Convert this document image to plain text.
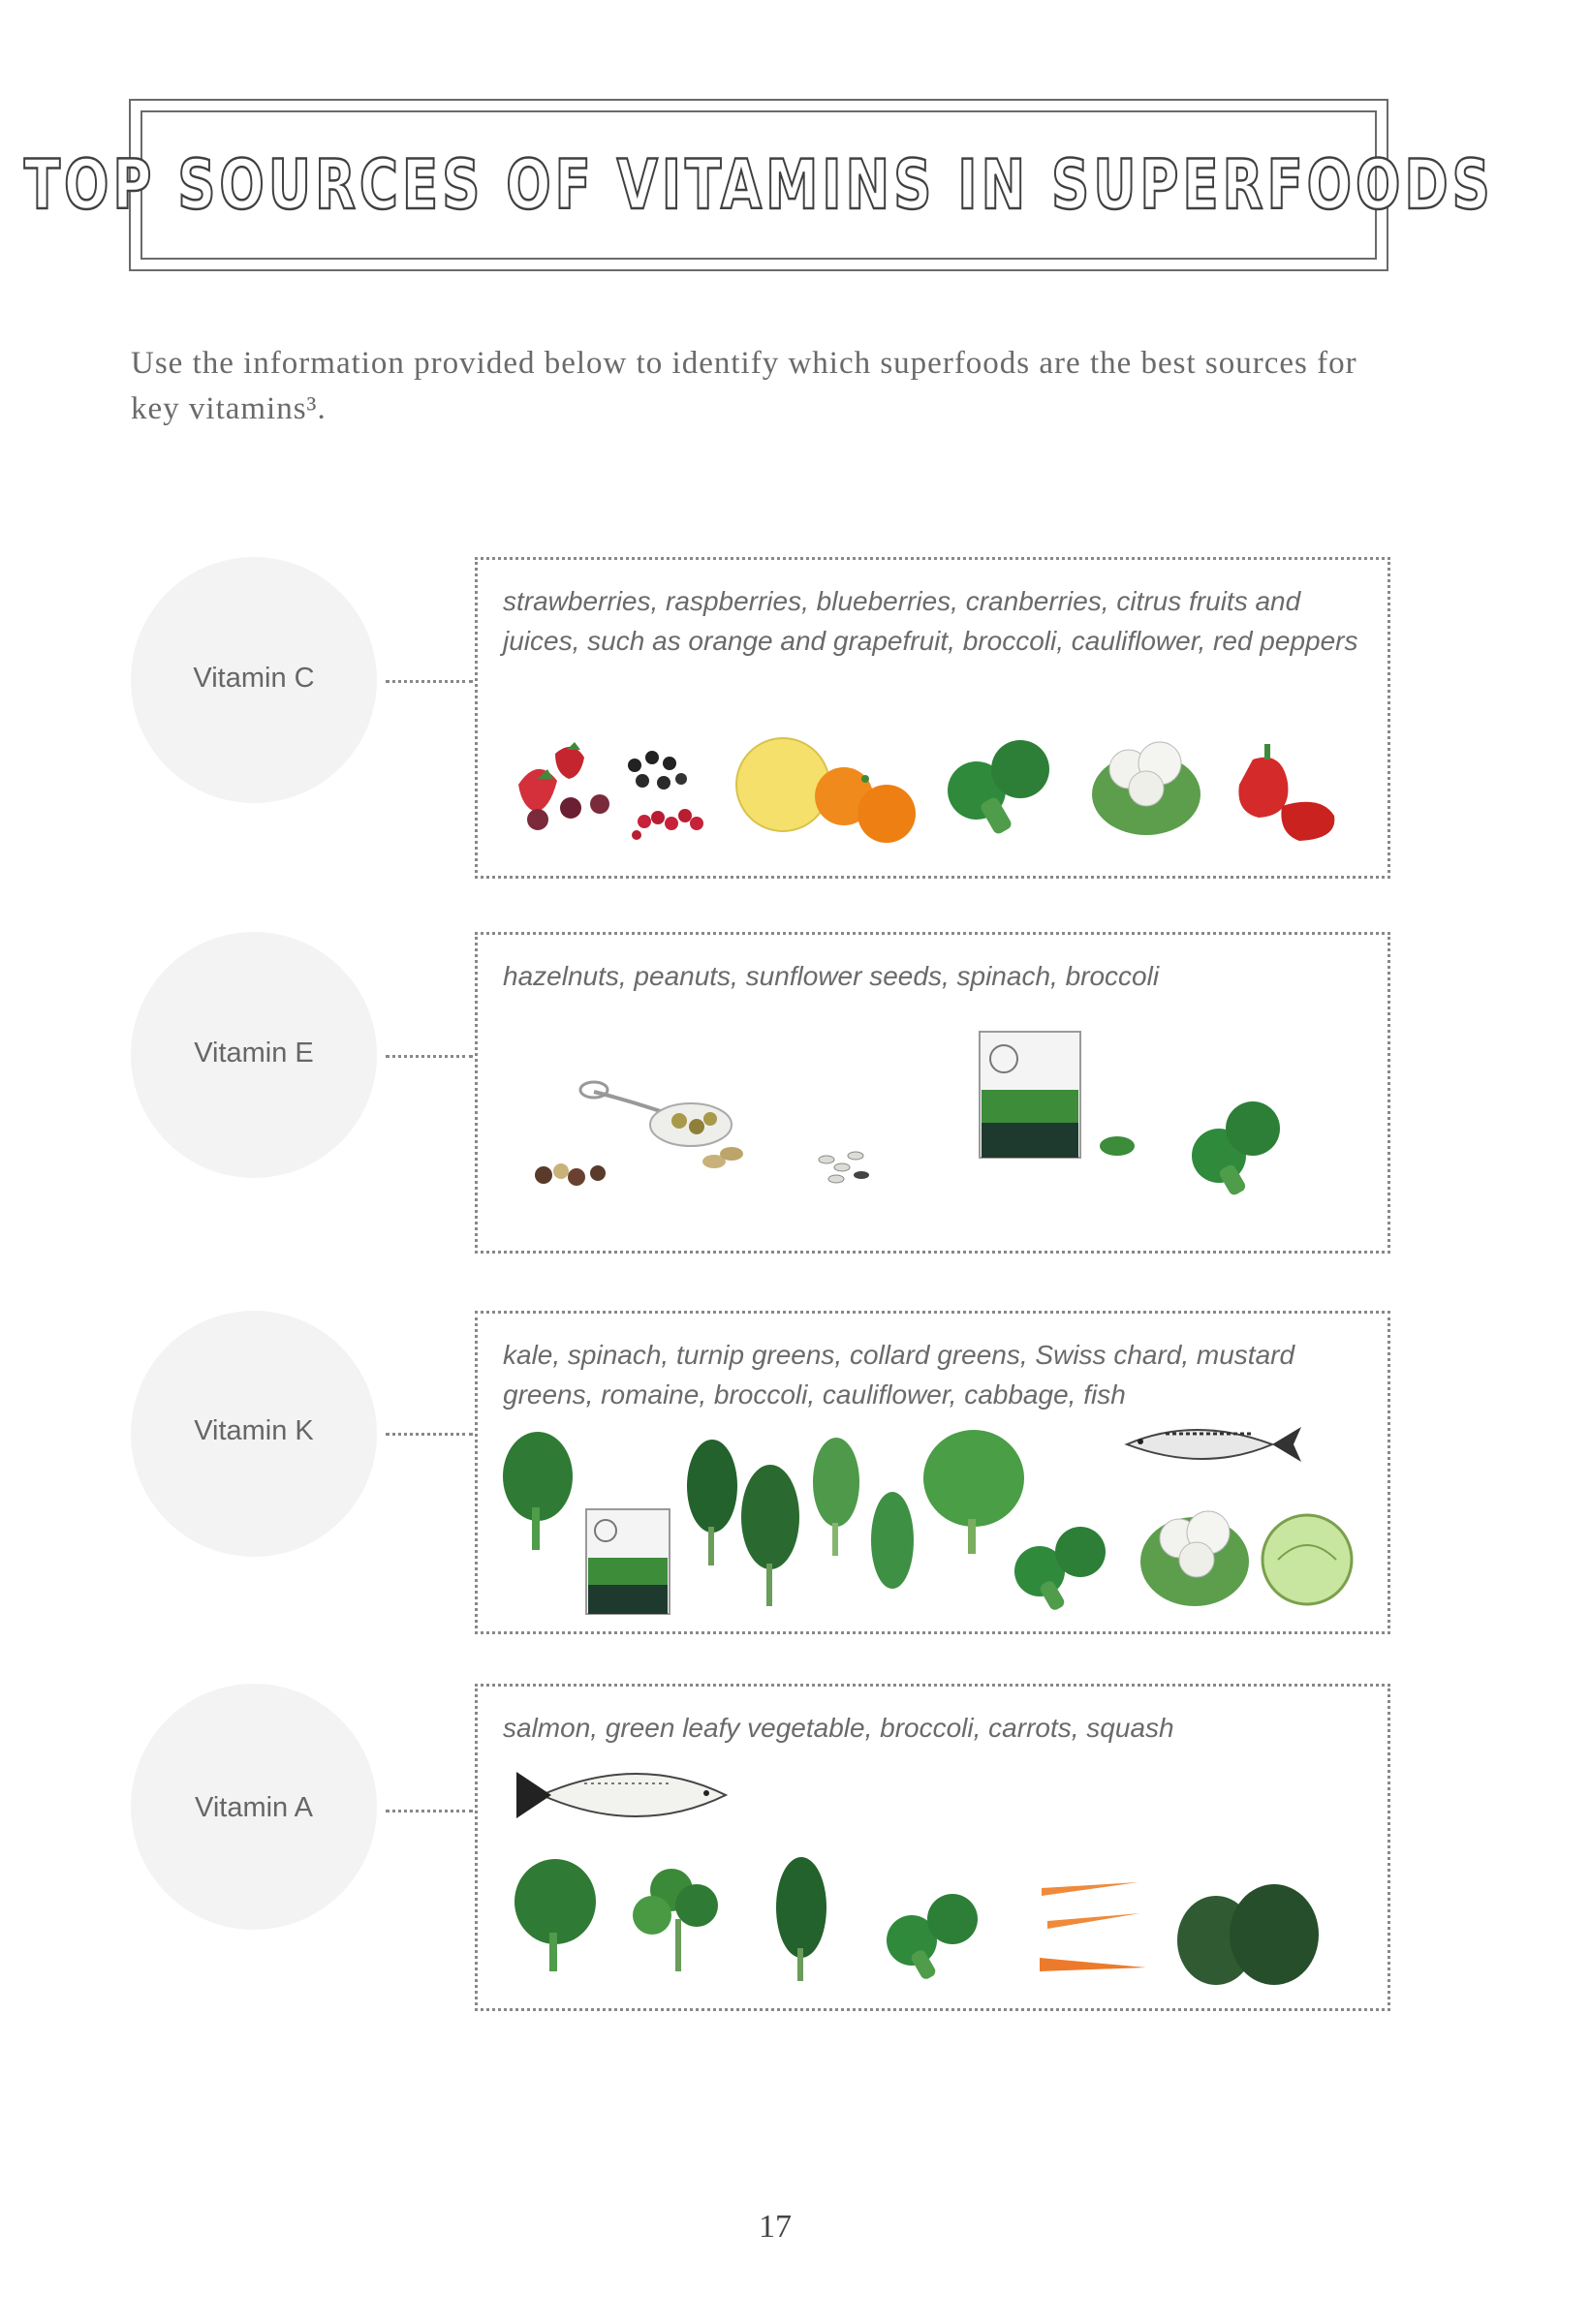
TOP SOURCES OF VITAMINS IN SUPERFOODS

Use the information provided below to identify which superfoods are the best sources for key vitamins³.

Vitamin C

strawberries, raspberries, blueberries, cranberries, citrus fruits and juices, such as orange and grapefruit, broccoli, cauliflower, red peppers

Vitamin E

hazelnuts, peanuts, sunflower seeds, spinach, broccoli

Vitamin K

kale, spinach, turnip greens, collard greens, Swiss chard, mustard greens, romaine, broccoli, cauliflower, cabbage, fish

Vitamin A

salmon, green leafy vegetable, broccoli, carrots, squash

17
